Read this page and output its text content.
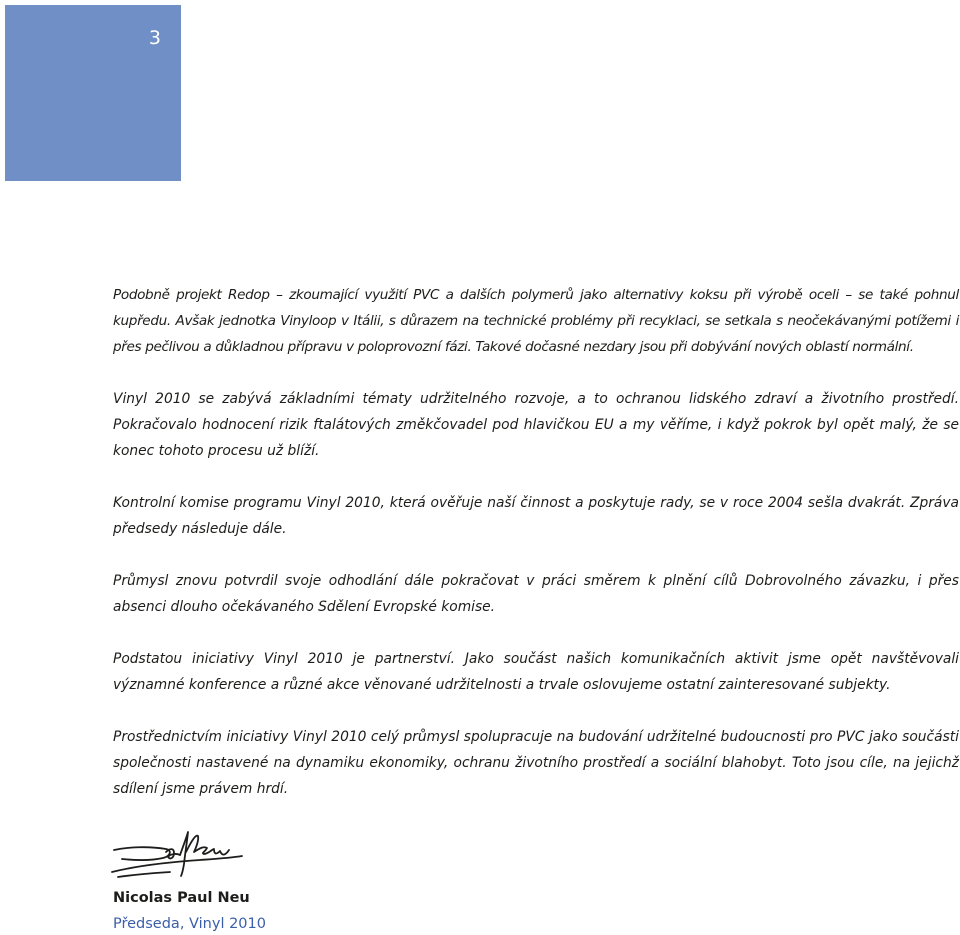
3

Podobně projekt Redop – zkoumající využití PVC a dalších polymerů jako alternativy koksu při výrobě oceli – se také pohnul kupředu. Avšak jednotka Vinyloop v Itálii, s důrazem na technické problémy při recyklaci, se setkala s neočekávanými potížemi i přes pečlivou a důkladnou přípravu v poloprovozní fázi. Takové dočasné nezdary jsou při dobývání nových oblastí normální.

Vinyl 2010 se zabývá základními tématy udržitelného rozvoje, a to ochranou lidského zdraví a životního prostředí. Pokračovalo hodnocení rizik ftalátových změkčovadel pod hlavičkou EU a my věříme, i když pokrok byl opět malý, že se konec tohoto procesu už blíží.

Kontrolní komise programu Vinyl 2010, která ověřuje naší činnost a poskytuje rady, se v roce 2004 sešla dvakrát. Zpráva předsedy následuje dále.

Průmysl znovu potvrdil svoje odhodlání dále pokračovat v práci směrem k plnění cílů Dobrovolného závazku, i přes absenci dlouho očekávaného Sdělení Evropské komise.

Podstatou iniciativy Vinyl 2010 je partnerství. Jako součást našich komunikačních aktivit jsme opět navštěvovali významné konference a různé akce věnované udržitelnosti a trvale oslovujeme ostatní zainteresované subjekty.

Prostřednictvím iniciativy Vinyl 2010 celý průmysl spolupracuje na budování udržitelné budoucnosti pro PVC jako součásti společnosti nastavené na dynamiku ekonomiky, ochranu životního prostředí a sociální blahobyt. Toto jsou cíle, na jejichž sdílení jsme právem hrdí.

Nicolas Paul Neu
Předseda, Vinyl 2010
